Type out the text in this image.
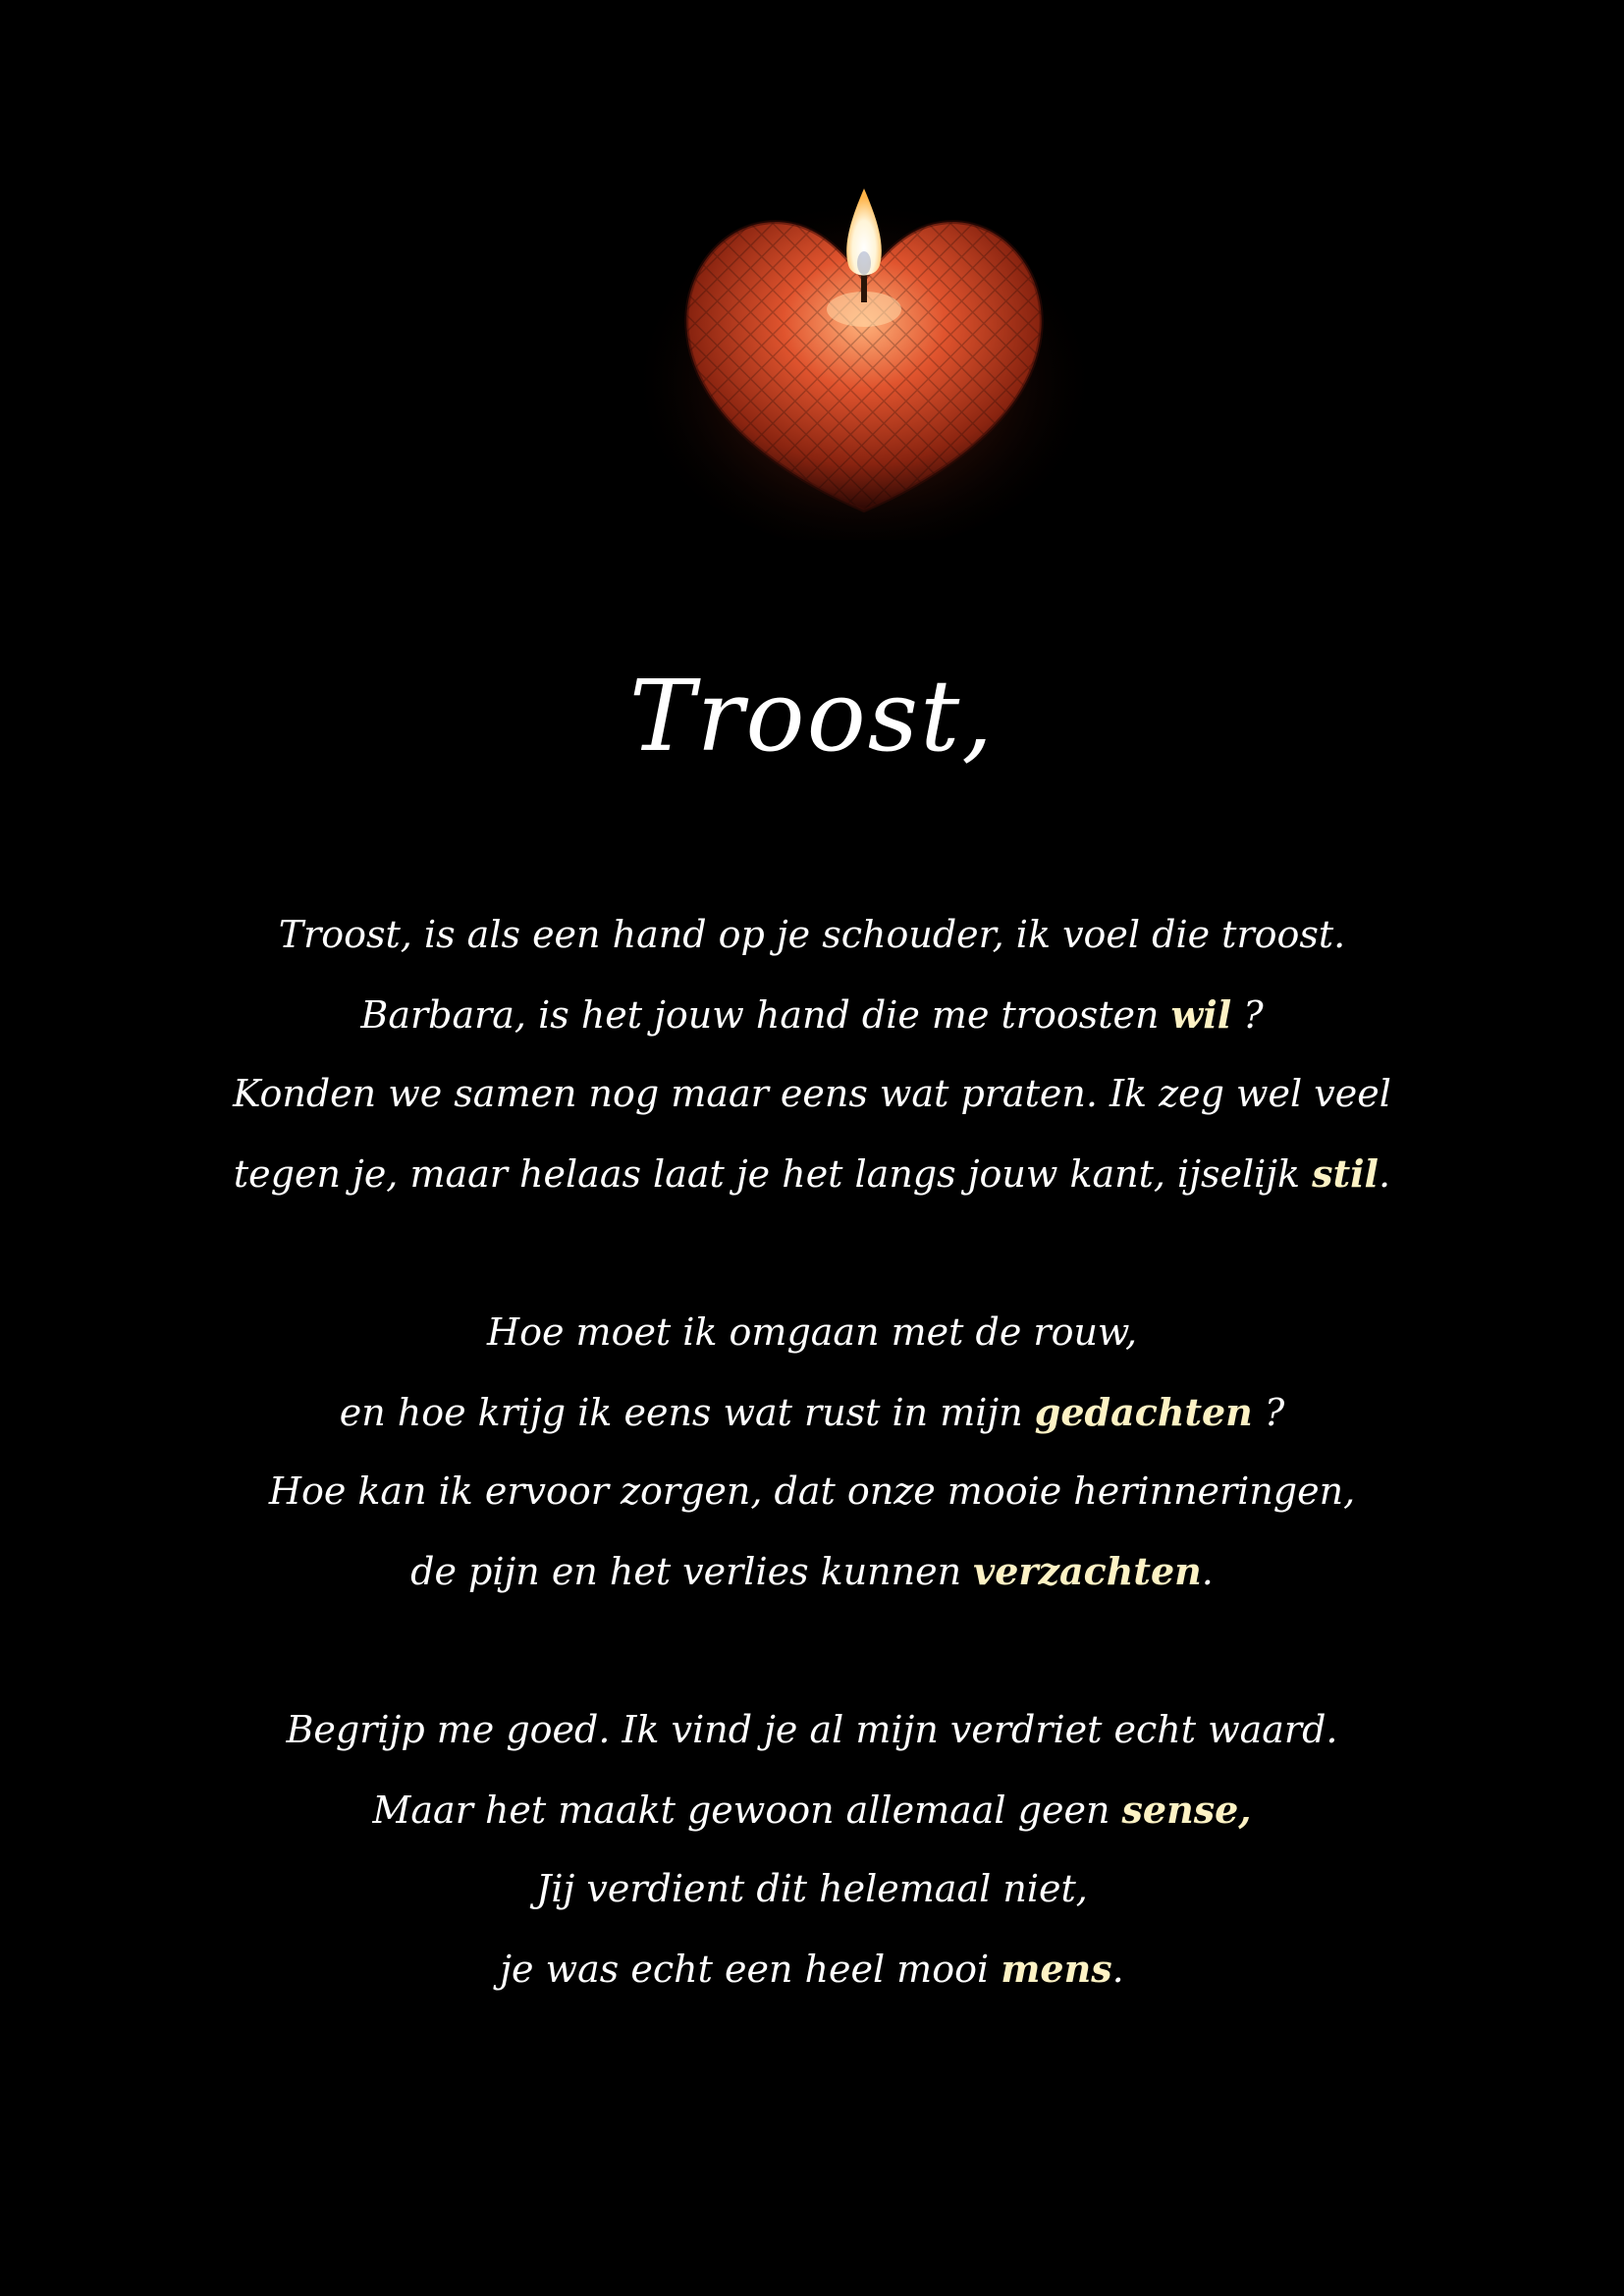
Troost,
Troost, is als een hand op je schouder, ik voel die troost.
Barbara, is het jouw hand die me troosten wil ?
Konden we samen nog maar eens wat praten. Ik zeg wel veel
tegen je, maar helaas laat je het langs jouw kant, ijselijk stil.
Hoe moet ik omgaan met de rouw,
en hoe krijg ik eens wat rust in mijn gedachten ?
Hoe kan ik ervoor zorgen, dat onze mooie herinneringen,
de pijn en het verlies kunnen verzachten.
Begrijp me goed. Ik vind je al mijn verdriet echt waard.
Maar het maakt gewoon allemaal geen sense,
Jij verdient dit helemaal niet,
je was echt een heel mooi mens.
